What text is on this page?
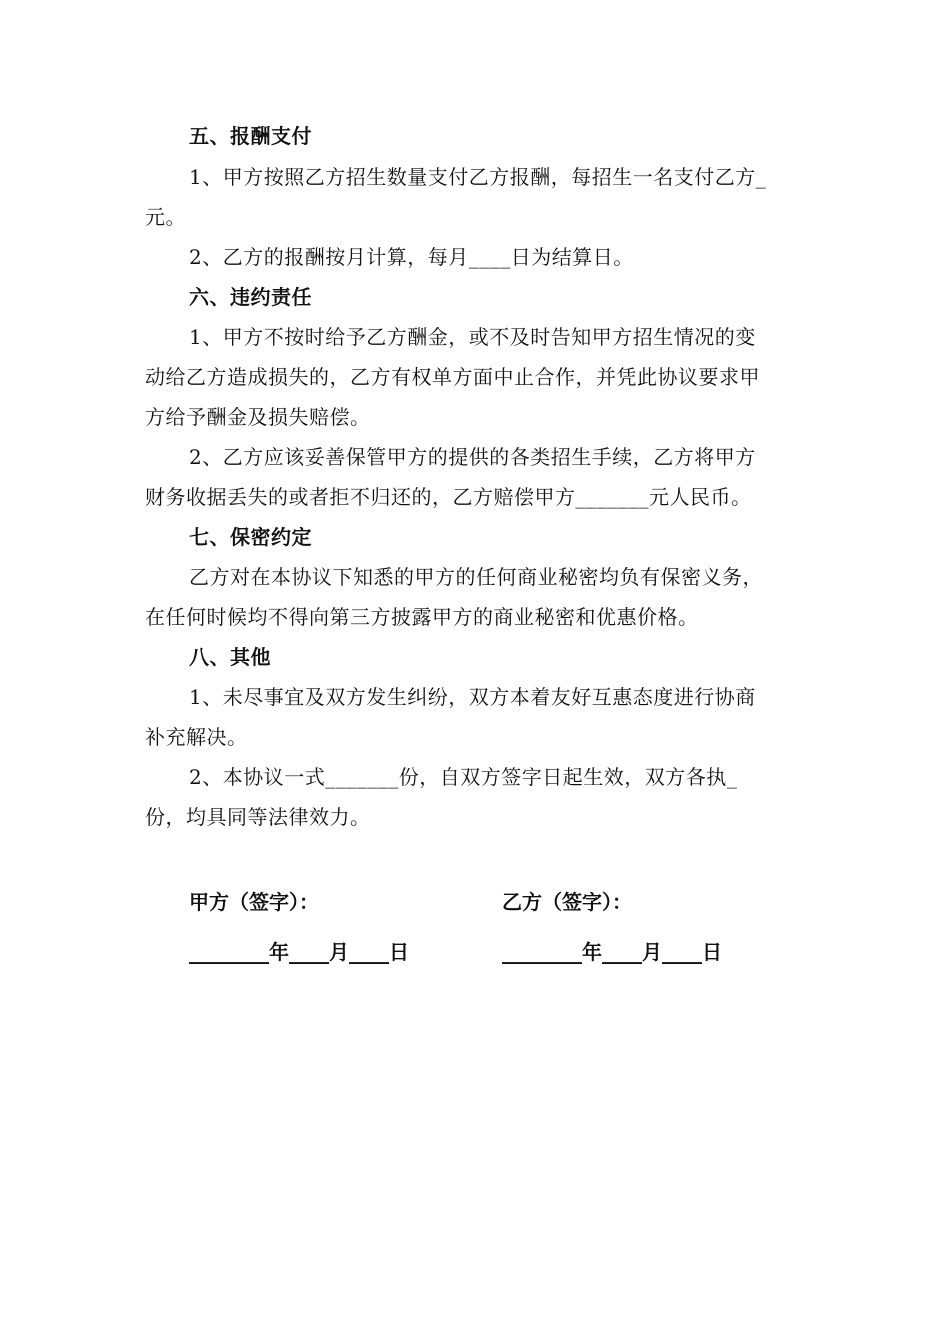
五、报酬支付
1、甲方按照乙方招生数量支付乙方报酬，每招生一名支付乙方_
元。
2、乙方的报酬按月计算，每月____日为结算日。
六、违约责任
1、甲方不按时给予乙方酬金，或不及时告知甲方招生情况的变
动给乙方造成损失的，乙方有权单方面中止合作，并凭此协议要求甲
方给予酬金及损失赔偿。
2、乙方应该妥善保管甲方的提供的各类招生手续，乙方将甲方
财务收据丢失的或者拒不归还的，乙方赔偿甲方_______元人民币。
七、保密约定
乙方对在本协议下知悉的甲方的任何商业秘密均负有保密义务，
在任何时候均不得向第三方披露甲方的商业秘密和优惠价格。
八、其他
1、未尽事宜及双方发生纠纷，双方本着友好互惠态度进行协商
补充解决。
2、本协议一式_______份，自双方签字日起生效，双方各执_
份，均具同等法律效力。
甲方（签字）：	乙方（签字）：
________年____月____日	________年____月____日
